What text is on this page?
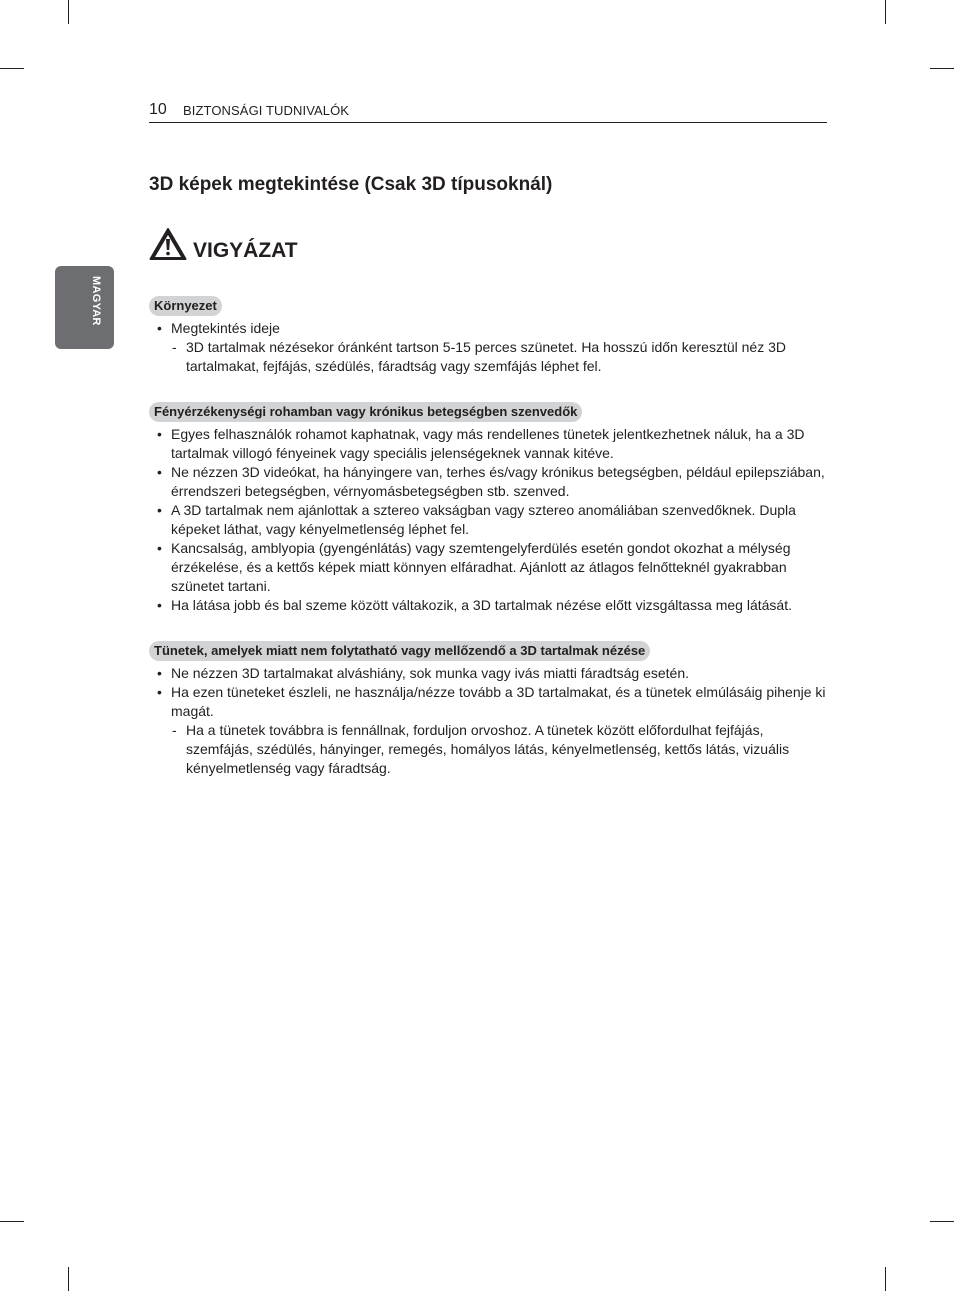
10 BIZTONSÁGI TUDNIVALÓK
MAGYAR
3D képek megtekintése (Csak 3D típusoknál)
VIGYÁZAT
Környezet
• Megtekintés ideje
- 3D tartalmak nézésekor óránként tartson 5-15 perces szünetet. Ha hosszú időn keresztül néz 3D tartalmakat, fejfájás, szédülés, fáradtság vagy szemfájás léphet fel.
Fényérzékenységi rohamban vagy krónikus betegségben szenvedők
• Egyes felhasználók rohamot kaphatnak, vagy más rendellenes tünetek jelentkezhetnek náluk, ha a 3D tartalmak villogó fényeinek vagy speciális jelenségeknek vannak kitéve.
• Ne nézzen 3D videókat, ha hányingere van, terhes és/vagy krónikus betegségben, például epilepsziában, érrendszeri betegségben, vérnyomásbetegségben stb. szenved.
• A 3D tartalmak nem ajánlottak a sztereo vakságban vagy sztereo anomáliában szenvedőknek. Dupla képeket láthat, vagy kényelmetlenség léphet fel.
• Kancsalság, amblyopia (gyengénlátás) vagy szemtengelyferdülés esetén gondot okozhat a mélység érzékelése, és a kettős képek miatt könnyen elfáradhat. Ajánlott az átlagos felnőtteknél gyakrabban szünetet tartani.
• Ha látása jobb és bal szeme között váltakozik, a 3D tartalmak nézése előtt vizsgáltassa meg látását.
Tünetek, amelyek miatt nem folytatható vagy mellőzendő a 3D tartalmak nézése
• Ne nézzen 3D tartalmakat alváshiány, sok munka vagy ivás miatti fáradtság esetén.
• Ha ezen tüneteket észleli, ne használja/nézze tovább a 3D tartalmakat, és a tünetek elmúlásáig pihenje ki magát.
- Ha a tünetek továbbra is fennállnak, forduljon orvoshoz. A tünetek között előfordulhat fejfájás, szemfájás, szédülés, hányinger, remegés, homályos látás, kényelmetlenség, kettős látás, vizuális kényelmetlenség vagy fáradtság.
